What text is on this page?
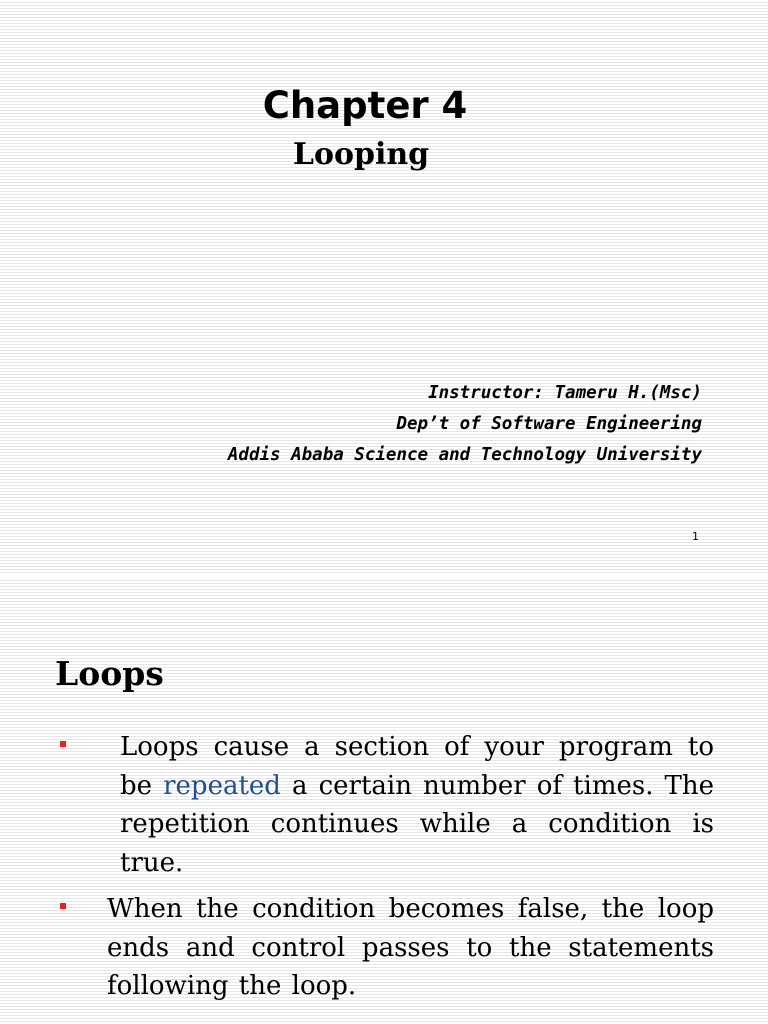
Chapter 4
Looping
Instructor: Tameru H.(Msc)
Dep’t of Software Engineering
Addis Ababa Science and Technology University
1
Loops
Loops cause a section of your program to be repeated a certain number of times. The repetition continues while a condition is true.
When the condition becomes false, the loop ends and control passes to the statements following the loop.
